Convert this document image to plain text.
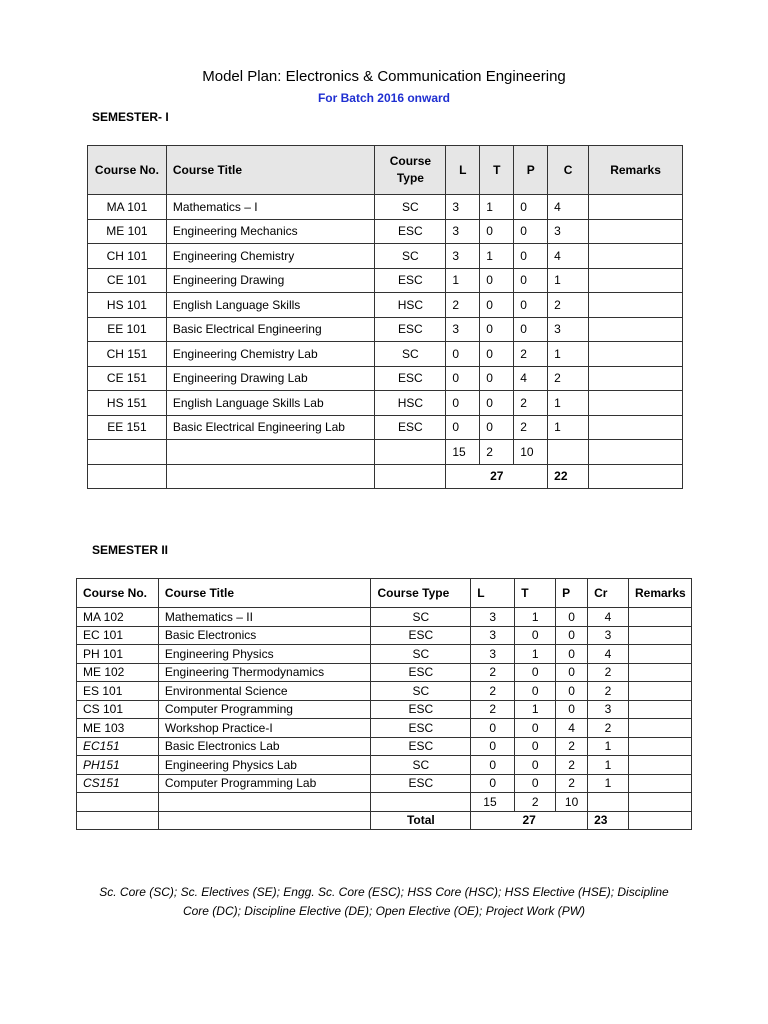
Model Plan: Electronics & Communication Engineering
For Batch 2016 onward
SEMESTER- I
Course No.	Course Title	Course Type	L	T	P	C	Remarks
MA 101	Mathematics – I	SC	3	1	0	4	
ME 101	Engineering Mechanics	ESC	3	0	0	3	
CH 101	Engineering Chemistry	SC	3	1	0	4	
CE 101	Engineering Drawing	ESC	1	0	0	1	
HS 101	English Language Skills	HSC	2	0	0	2	
EE 101	Basic Electrical Engineering	ESC	3	0	0	3	
CH 151	Engineering Chemistry Lab	SC	0	0	2	1	
CE 151	Engineering Drawing Lab	ESC	0	0	4	2	
HS 151	English Language Skills Lab	HSC	0	0	2	1	
EE 151	Basic Electrical Engineering Lab	ESC	0	0	2	1	
			15	2	10		
			27			22	
SEMESTER II
Course No.	Course Title	Course Type	L	T	P	Cr	Remarks
MA 102	Mathematics – II	SC	3	1	0	4	
EC 101	Basic Electronics	ESC	3	0	0	3	
PH 101	Engineering Physics	SC	3	1	0	4	
ME 102	Engineering Thermodynamics	ESC	2	0	0	2	
ES 101	Environmental Science	SC	2	0	0	2	
CS 101	Computer Programming	ESC	2	1	0	3	
ME 103	Workshop Practice-I	ESC	0	0	4	2	
EC151	Basic Electronics Lab	ESC	0	0	2	1	
PH151	Engineering Physics Lab	SC	0	0	2	1	
CS151	Computer Programming Lab	ESC	0	0	2	1	
			15	2	10		
		Total	27			23	
Sc. Core (SC); Sc. Electives (SE); Engg. Sc. Core (ESC); HSS Core (HSC); HSS Elective (HSE); Discipline
Core (DC); Discipline Elective (DE); Open Elective (OE); Project Work (PW)
